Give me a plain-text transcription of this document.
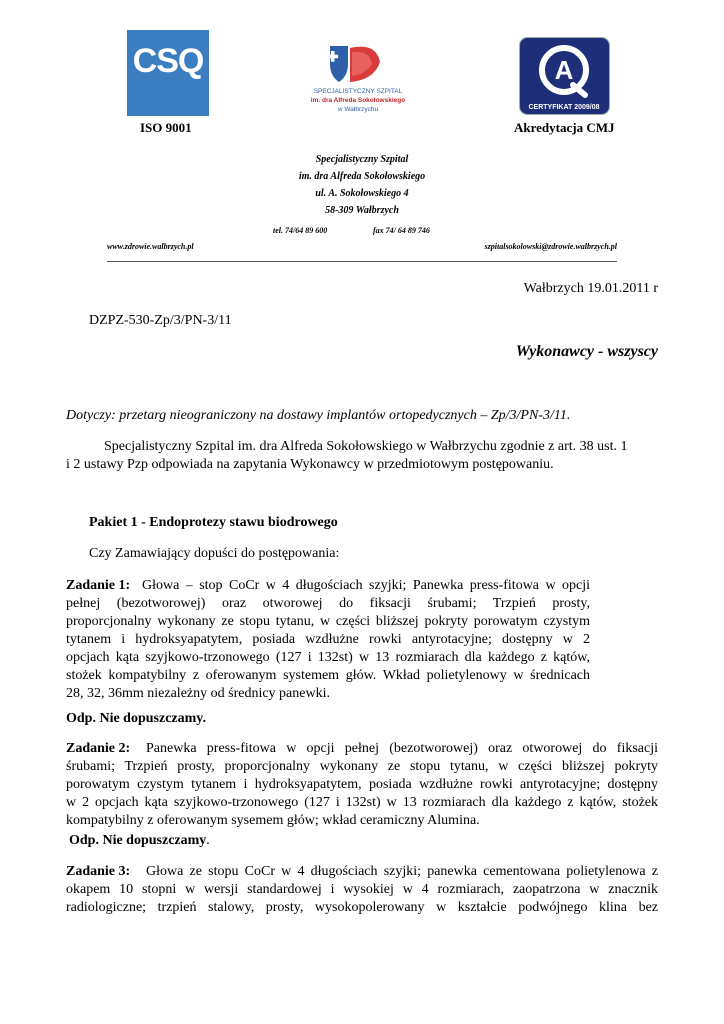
CSQ
ISO 9001
SPECJALISTYCZNY SZPITAL
im. dra Alfreda Sokołowskiego
w Wałbrzychu
A
CERTYFIKAT 2009/08
Akredytacja CMJ
Specjalistyczny Szpital
im. dra Alfreda Sokołowskiego
ul. A. Sokołowskiego 4
58-309 Wałbrzych
tel. 74/64 89 600	fax 74/ 64 89 746
www.zdrowie.walbrzych.pl	szpitalsokolowski@zdrowie.walbrzych.pl
Wałbrzych 19.01.2011 r
DZPZ-530-Zp/3/PN-3/11
Wykonawcy - wszyscy
Dotyczy: przetarg nieograniczony na dostawy implantów ortopedycznych – Zp/3/PN-3/11.
Specjalistyczny Szpital im. dra Alfreda Sokołowskiego w Wałbrzychu zgodnie z art. 38 ust. 1
i 2 ustawy Pzp odpowiada na zapytania Wykonawcy w przedmiotowym postępowaniu.
Pakiet 1 - Endoprotezy stawu biodrowego
Czy Zamawiający dopuści do postępowania:
Zadanie 1: Głowa – stop CoCr w 4 długościach szyjki; Panewka press-fitowa w opcji
pełnej (bezotworowej) oraz otworowej do fiksacji śrubami; Trzpień prosty,
proporcjonalny wykonany ze stopu tytanu, w części bliższej pokryty porowatym czystym
tytanem i hydroksyapatytem, posiada wzdłużne rowki antyrotacyjne; dostępny w 2
opcjach kąta szyjkowo-trzonowego (127 i 132st) w 13 rozmiarach dla każdego z kątów,
stożek kompatybilny z oferowanym systemem głów. Wkład polietylenowy w średnicach
28, 32, 36mm niezależny od średnicy panewki.
Odp. Nie dopuszczamy.
Zadanie 2:	Panewka press-fitowa w opcji pełnej (bezotworowej) oraz otworowej do fiksacji
śrubami; Trzpień prosty, proporcjonalny wykonany ze stopu tytanu, w części bliższej pokryty
porowatym czystym tytanem i hydroksyapatytem, posiada wzdłużne rowki antyrotacyjne; dostępny
w 2 opcjach kąta szyjkowo-trzonowego (127 i 132st) w 13 rozmiarach dla każdego z kątów, stożek
kompatybilny z oferowanym sysemem głów; wkład ceramiczny Alumina.
Odp. Nie dopuszczamy.
Zadanie 3:	Głowa ze stopu CoCr w 4 długościach szyjki; panewka cementowana polietylenowa z
okapem 10 stopni w wersji standardowej i wysokiej w 4 rozmiarach, zaopatrzona w znacznik
radiologiczne; trzpień stalowy, prosty, wysokopolerowany w kształcie podwójnego klina bez
